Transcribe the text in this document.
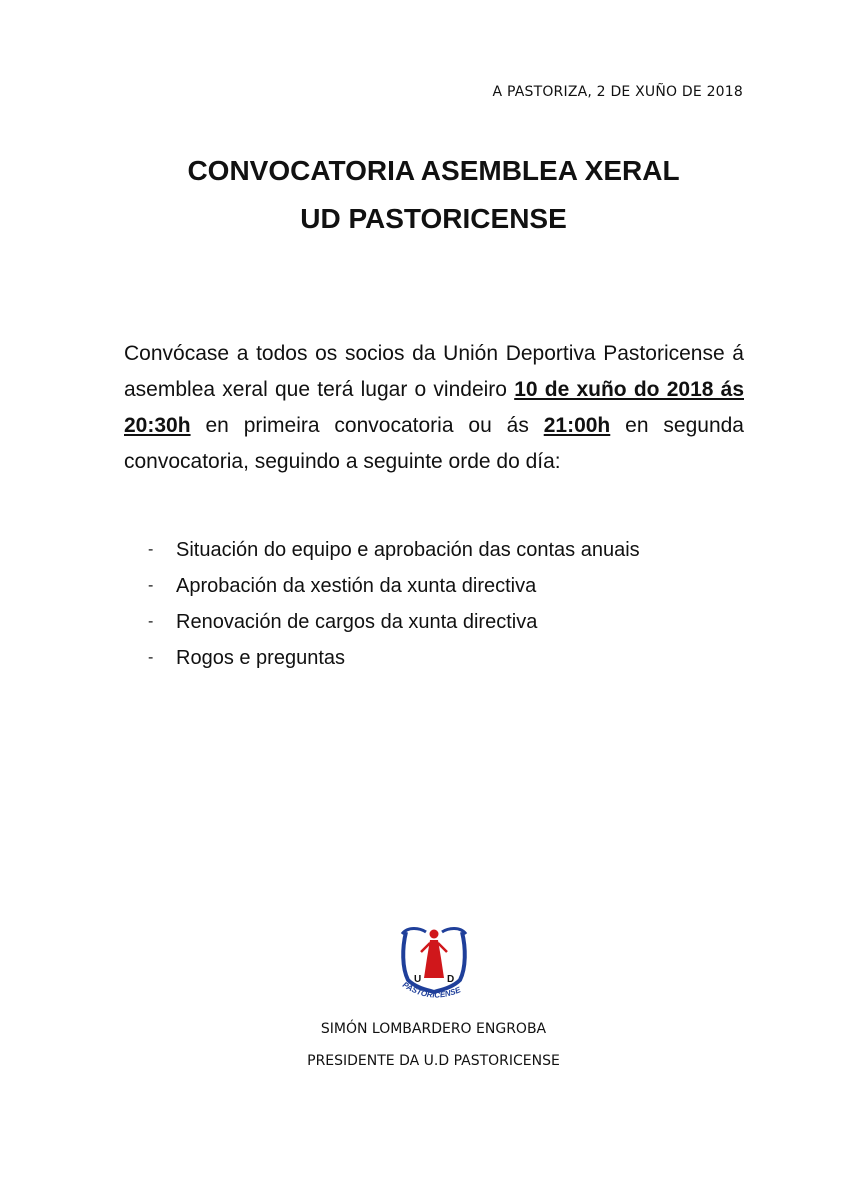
A PASTORIZA, 2 DE XUÑO DE 2018
CONVOCATORIA ASEMBLEA XERAL
UD PASTORICENSE

Convócase a todos os socios da Unión Deportiva Pastoricense á asemblea xeral que terá lugar o vindeiro 10 de xuño do 2018 ás 20:30h en primeira convocatoria ou ás 21:00h en segunda convocatoria, seguindo a seguinte orde do día:

- Situación do equipo e aprobación das contas anuais
- Aprobación da xestión da xunta directiva
- Renovación de cargos da xunta directiva
- Rogos e preguntas
U	D
PASTORICENSE
SIMÓN LOMBARDERO ENGROBA
PRESIDENTE DA U.D PASTORICENSE
